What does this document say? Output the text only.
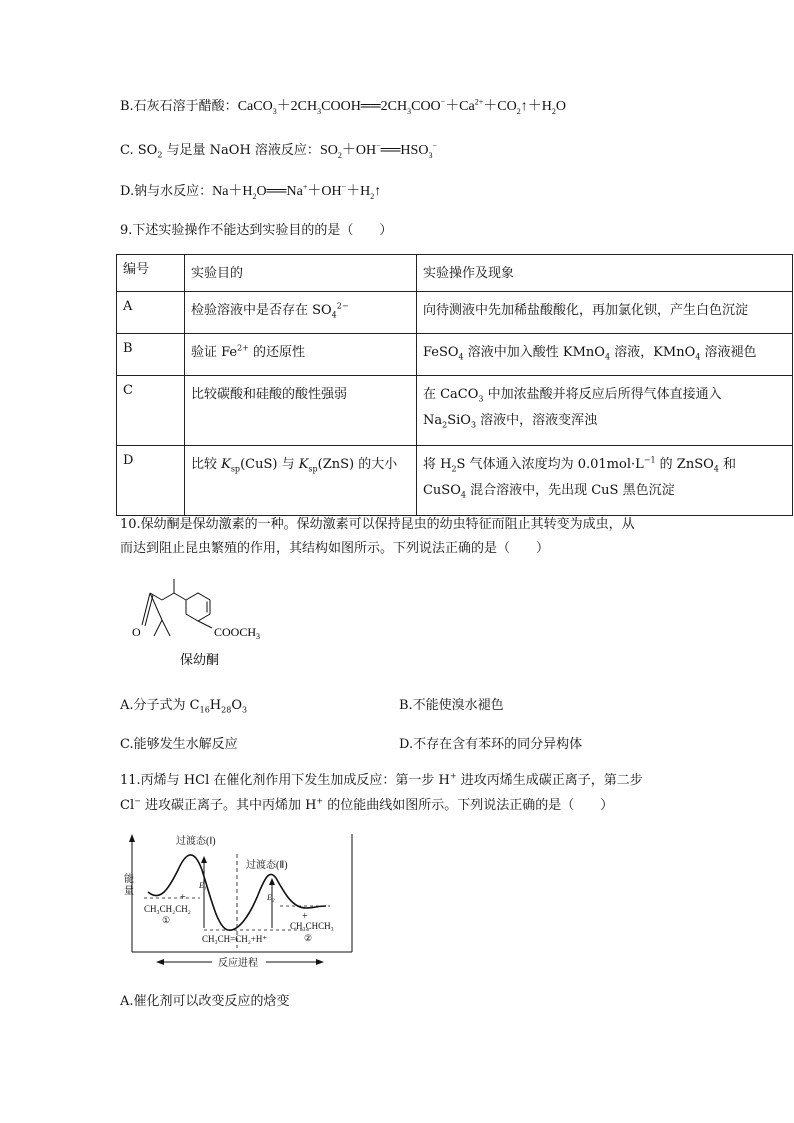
B.石灰石溶于醋酸：$CaCO_3+2CH_3COOH══2CH_3COO^-+Ca^{2+}+CO_2↑+H_2O$
C. $SO_2$ 与足量 NaOH 溶液反应：$SO_2+OH^-══HSO_3^-$
D.钠与水反应：$Na+H_2O══Na^++OH^-+H_2↑$
9.下述实验操作不能达到实验目的的是（　　）
编号	实验目的	实验操作及现象
A	检验溶液中是否存在 $SO_4^{2-}$	向待测液中先加稀盐酸酸化，再加氯化钡，产生白色沉淀
B	验证 $Fe^{2+}$ 的还原性	FeSO$_4$ 溶液中加入酸性 KMnO$_4$ 溶液，KMnO$_4$ 溶液褪色
C	比较碳酸和硅酸的酸性强弱	在 CaCO$_3$ 中加浓盐酸并将反应后所得气体直接通入
$Na_2SiO_3$ 溶液中，溶液变浑浊
D	比较 $K_{sp}(CuS)$ 与 $K_{sp}(ZnS)$ 的大小	将 $H_2S$ 气体通入浓度均为 $0.01mol\cdot L^{-1}$ 的 ZnSO$_4$ 和
CuSO$_4$ 混合溶液中，先出现 CuS 黑色沉淀
10.保幼酮是保幼激素的一种。保幼激素可以保持昆虫的幼虫特征而阻止其转变为成虫，从
而达到阻止昆虫繁殖的作用，其结构如图所示。下列说法正确的是（　　）
O	$COOCH_3$
保幼酮
A.分子式为 $C_{16}H_{28}O_3$	B.不能使溴水褪色
C.能够发生水解反应	D.不存在含有苯环的同分异构体
11.丙烯与 HCl 在催化剂作用下发生加成反应：第一步 H+ 进攻丙烯生成碳正离子，第二步
Cl− 进攻碳正离子。其中丙烯加 H+ 的位能曲线如图所示。下列说法正确的是（　　）
过渡态(Ⅰ)
过渡态(Ⅱ)
E₁
E₂
+
CH₃CH₂CH₂
①	+
CH₃CHCH₃
②
CH₃CH=CH₂+H⁺
能
量
反应进程
A.催化剂可以改变反应的焓变
